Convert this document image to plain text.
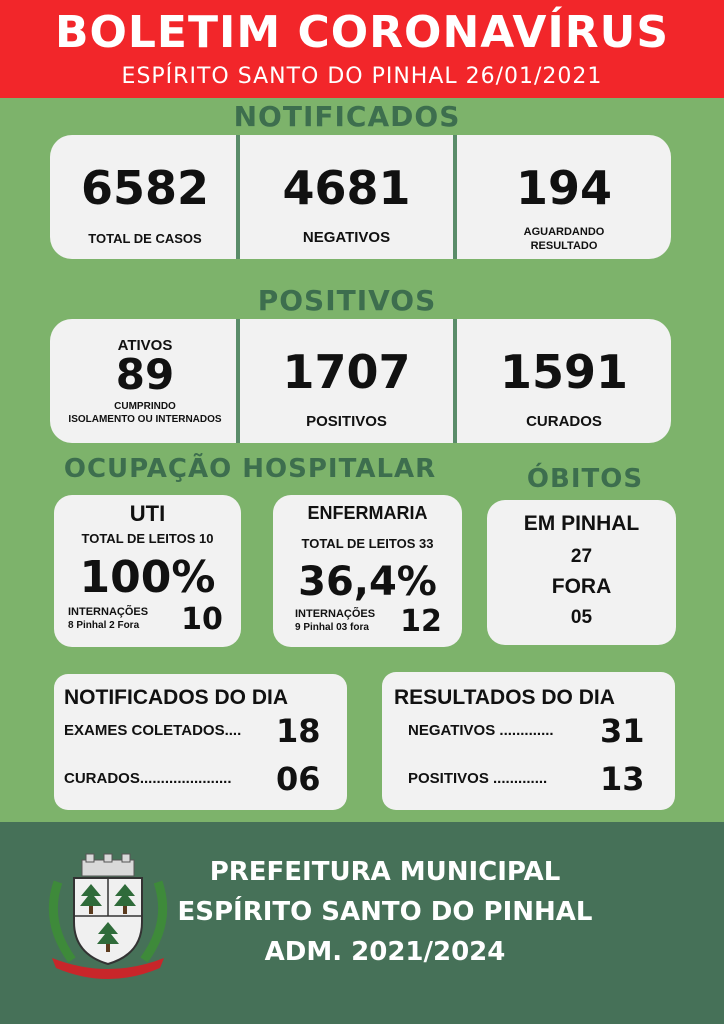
BOLETIM CORONAVÍRUS
ESPÍRITO SANTO DO PINHAL 26/01/2021
NOTIFICADOS
6582
TOTAL DE CASOS
4681
NEGATIVOS
194
AGUARDANDO
RESULTADO
POSITIVOS
ATIVOS
89
CUMPRINDO
ISOLAMENTO OU INTERNADOS
1707
POSITIVOS
1591
CURADOS
OCUPAÇÃO HOSPITALAR	ÓBITOS
UTI
TOTAL DE LEITOS 10
100%
INTERNAÇÕES
8 Pinhal 2 Fora	10
ENFERMARIA
TOTAL DE LEITOS 33
36,4%
INTERNAÇÕES
9 Pinhal 03 fora	12
EM PINHAL
27
FORA
05
NOTIFICADOS DO DIA
EXAMES COLETADOS.... 18
CURADOS...................... 06
RESULTADOS DO DIA
NEGATIVOS ............. 31
POSITIVOS ............. 13
PREFEITURA MUNICIPAL
ESPÍRITO SANTO DO PINHAL
ADM. 2021/2024
